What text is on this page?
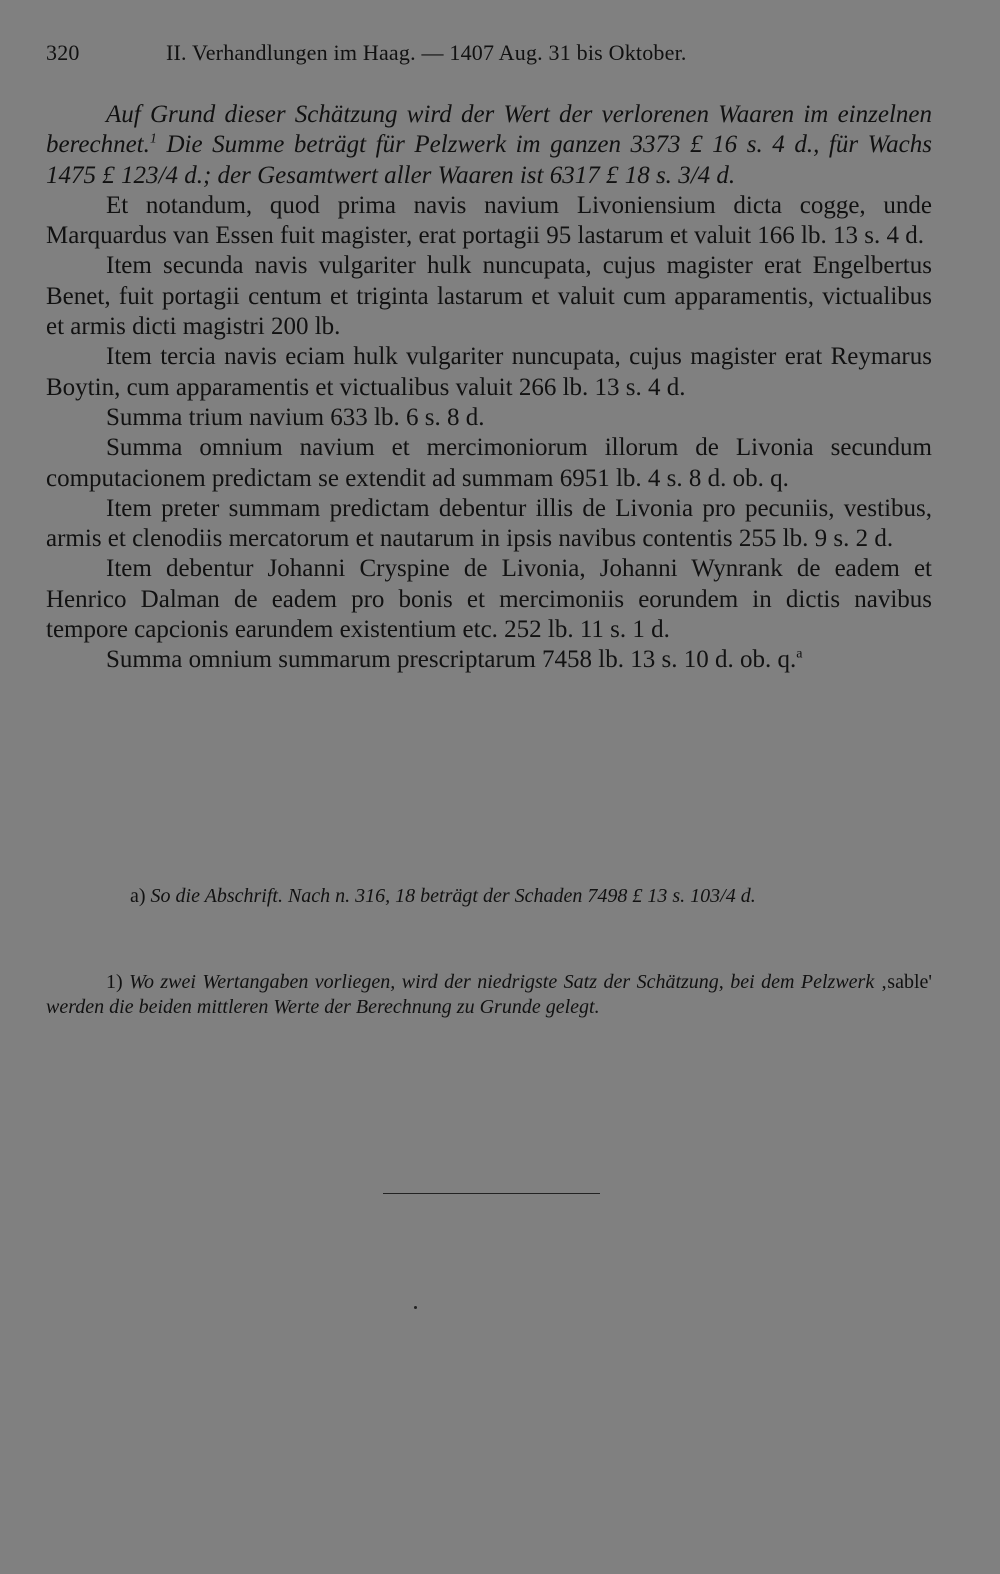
320	II. Verhandlungen im Haag. — 1407 Aug. 31 bis Oktober.

Auf Grund dieser Schätzung wird der Wert der verlorenen Waaren im einzelnen berechnet.$^1$ Die Summe beträgt für Pelzwerk im ganzen 3373 £ 16 s. 4 d., für Wachs 1475 £ 123/4 d.; der Gesamtwert aller Waaren ist 6317 £ 18 s. 3/4 d.

Et notandum, quod prima navis navium Livoniensium dicta cogge, unde Marquardus van Essen fuit magister, erat portagii 95 lastarum et valuit 166 lb. 13 s. 4 d.

Item secunda navis vulgariter hulk nuncupata, cujus magister erat Engelbertus Benet, fuit portagii centum et triginta lastarum et valuit cum apparamentis, victualibus et armis dicti magistri 200 lb.

Item tercia navis eciam hulk vulgariter nuncupata, cujus magister erat Reymarus Boytin, cum apparamentis et victualibus valuit 266 lb. 13 s. 4 d.

Summa trium navium 633 lb. 6 s. 8 d.

Summa omnium navium et mercimoniorum illorum de Livonia secundum computacionem predictam se extendit ad summam 6951 lb. 4 s. 8 d. ob. q.

Item preter summam predictam debentur illis de Livonia pro pecuniis, vestibus, armis et clenodiis mercatorum et nautarum in ipsis navibus contentis 255 lb. 9 s. 2 d.

Item debentur Johanni Cryspine de Livonia, Johanni Wynrank de eadem et Henrico Dalman de eadem pro bonis et mercimoniis eorundem in dictis navibus tempore capcionis earundem existentium etc. 252 lb. 11 s. 1 d.

Summa omnium summarum prescriptarum 7458 lb. 13 s. 10 d. ob. q.$^a$

a) So die Abschrift. Nach n. 316, 18 beträgt der Schaden 7498 £ 13 s. 103/4 d.

1) Wo zwei Wertangaben vorliegen, wird der niedrigste Satz der Schätzung, bei dem Pelzwerk ‚sable' werden die beiden mittleren Werte der Berechnung zu Grunde gelegt.
